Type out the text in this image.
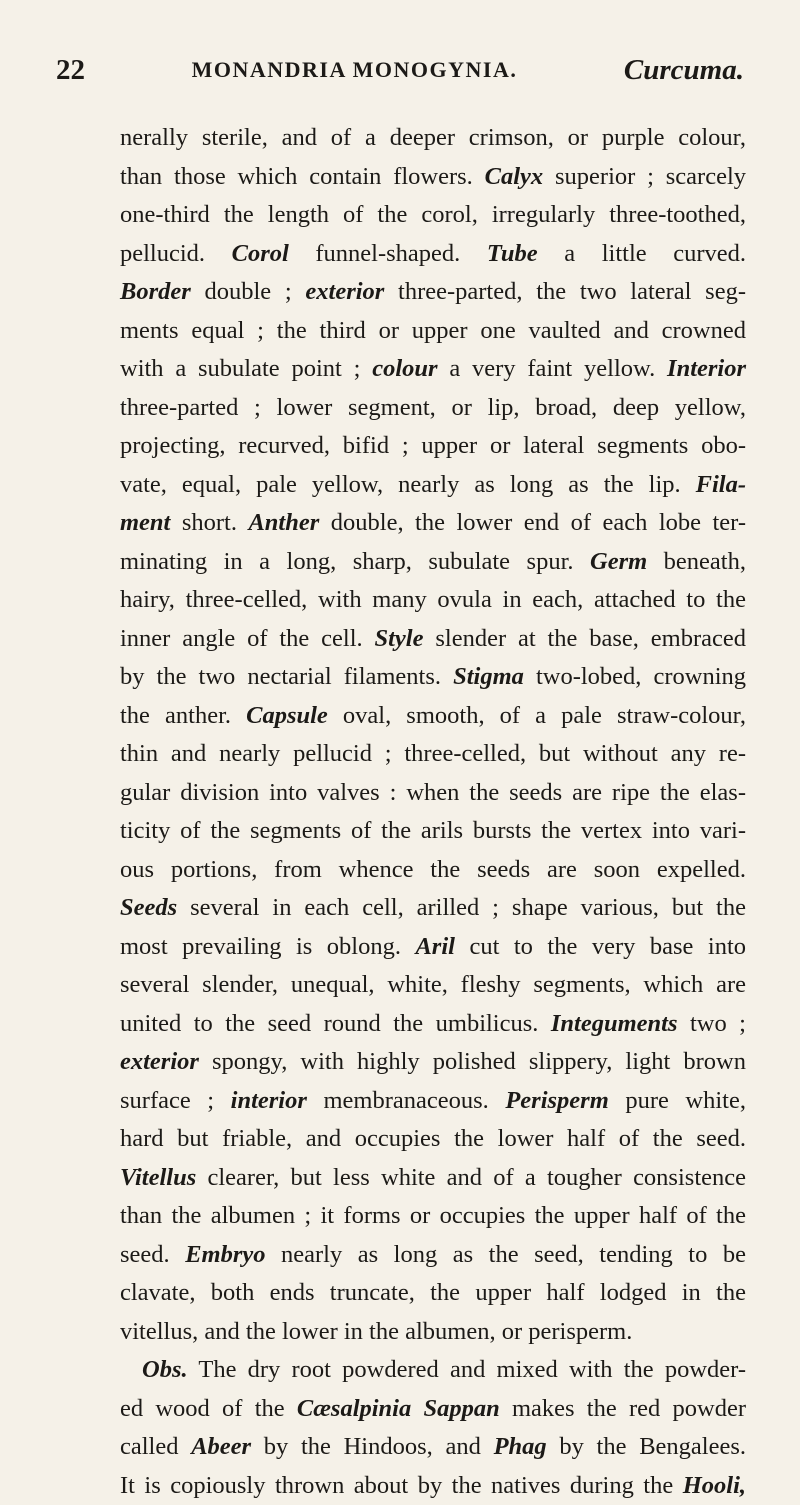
22	MONANDRIA MONOGYNIA.	Curcuma.
nerally sterile, and of a deeper crimson, or purple colour,
than those which contain flowers. Calyx superior ; scarcely
one-third the length of the corol, irregularly three-toothed,
pellucid. Corol funnel-shaped. Tube a little curved.
Border double ; exterior three-parted, the two lateral seg-
ments equal ; the third or upper one vaulted and crowned
with a subulate point ; colour a very faint yellow. Interior
three-parted ; lower segment, or lip, broad, deep yellow,
projecting, recurved, bifid ; upper or lateral segments obo-
vate, equal, pale yellow, nearly as long as the lip. Fila-
ment short. Anther double, the lower end of each lobe ter-
minating in a long, sharp, subulate spur. Germ beneath,
hairy, three-celled, with many ovula in each, attached to the
inner angle of the cell. Style slender at the base, embraced
by the two nectarial filaments. Stigma two-lobed, crowning
the anther. Capsule oval, smooth, of a pale straw-colour,
thin and nearly pellucid ; three-celled, but without any re-
gular division into valves : when the seeds are ripe the elas-
ticity of the segments of the arils bursts the vertex into vari-
ous portions, from whence the seeds are soon expelled.
Seeds several in each cell, arilled ; shape various, but the
most prevailing is oblong. Aril cut to the very base into
several slender, unequal, white, fleshy segments, which are
united to the seed round the umbilicus. Integuments two ;
exterior spongy, with highly polished slippery, light brown
surface ; interior membranaceous. Perisperm pure white,
hard but friable, and occupies the lower half of the seed.
Vitellus clearer, but less white and of a tougher consistence
than the albumen ; it forms or occupies the upper half of the
seed. Embryo nearly as long as the seed, tending to be
clavate, both ends truncate, the upper half lodged in the
vitellus, and the lower in the albumen, or perisperm.
Obs. The dry root powdered and mixed with the powder-
ed wood of the Cæsalpinia Sappan makes the red powder
called Abeer by the Hindoos, and Phag by the Bengalees.
It is copiously thrown about by the natives during the Hooli,
